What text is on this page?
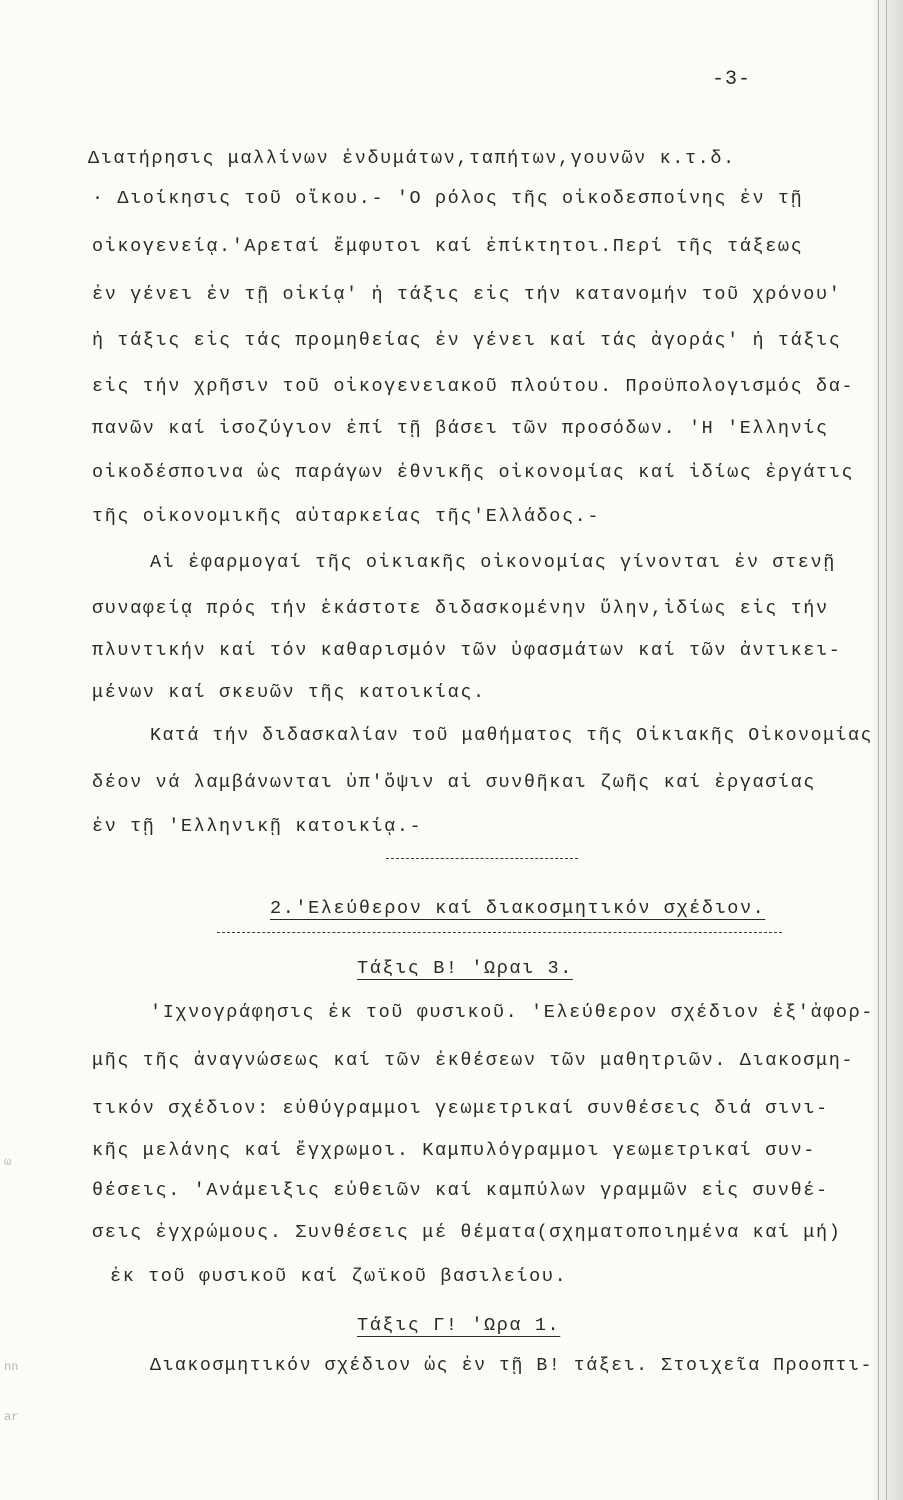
-3-
Διατήρησις μαλλίνων ἐνδυμάτων,ταπήτων,γουνῶν κ.τ.δ.
· Διοίκησις τοῦ οἴκου.- 'Ο ρόλος τῆς οἰκοδεσποίνης ἐν τῇ
οἰκογενείᾳ.'Αρεταί ἔμφυτοι καί ἐπίκτητοι.Περί τῆς τάξεως
ἐν γένει ἐν τῇ οἰκίᾳ' ἡ τάξις εἰς τήν κατανομήν τοῦ χρόνου'
ἡ τάξις εἰς τάς προμηθείας ἐν γένει καί τάς ἀγοράς' ἡ τάξις
εἰς τήν χρῆσιν τοῦ οἰκογενειακοῦ πλούτου. Προϋπολογισμός δα-
πανῶν καί ἰσοζύγιον ἐπί τῇ βάσει τῶν προσόδων. 'Η 'Ελληνίς
οἰκοδέσποινα ὡς παράγων ἐθνικῆς οἰκονομίας καί ἰδίως ἐργάτις
τῆς οἰκονομικῆς αὐταρκείας τῆς'Ελλάδος.-
Αἱ ἐφαρμογαί τῆς οἰκιακῆς οἰκονομίας γίνονται ἐν στενῇ
συναφείᾳ πρός τήν ἑκάστοτε διδασκομένην ὕλην,ἰδίως εἰς τήν
πλυντικήν καί τόν καθαρισμόν τῶν ὑφασμάτων καί τῶν ἀντικει-
μένων καί σκευῶν τῆς κατοικίας.
Κατά τήν διδασκαλίαν τοῦ μαθήματος τῆς Οἰκιακῆς Οἰκονομίας
δέον νά λαμβάνωνται ὑπ'ὄψιν αἱ συνθῆκαι ζωῆς καί ἐργασίας
ἐν τῇ 'Ελληνικῇ κατοικίᾳ.-
2.'Ελεύθερον καί διακοσμητικόν σχέδιον.
Τάξις Β! 'Ωραι 3.
'Ιχνογράφησις ἐκ τοῦ φυσικοῦ. 'Ελεύθερον σχέδιον ἐξ'ἀφορ-
μῆς τῆς ἀναγνώσεως καί τῶν ἐκθέσεων τῶν μαθητριῶν. Διακοσμη-
τικόν σχέδιον: εὐθύγραμμοι γεωμετρικαί συνθέσεις διά σινι-
κῆς μελάνης καί ἔγχρωμοι. Καμπυλόγραμμοι γεωμετρικαί συν-
θέσεις. 'Ανάμειξις εὐθειῶν καί καμπύλων γραμμῶν εἰς συνθέ-
σεις ἐγχρώμους. Συνθέσεις μέ θέματα(σχηματοποιημένα καί μή)
ἐκ τοῦ φυσικοῦ καί ζωϊκοῦ βασιλείου.
Τάξις Γ! 'Ωρα 1.
Διακοσμητικόν σχέδιον ὡς ἐν τῇ Β! τάξει. Στοιχεῖα Προοπτι-
ω
nn
ar
